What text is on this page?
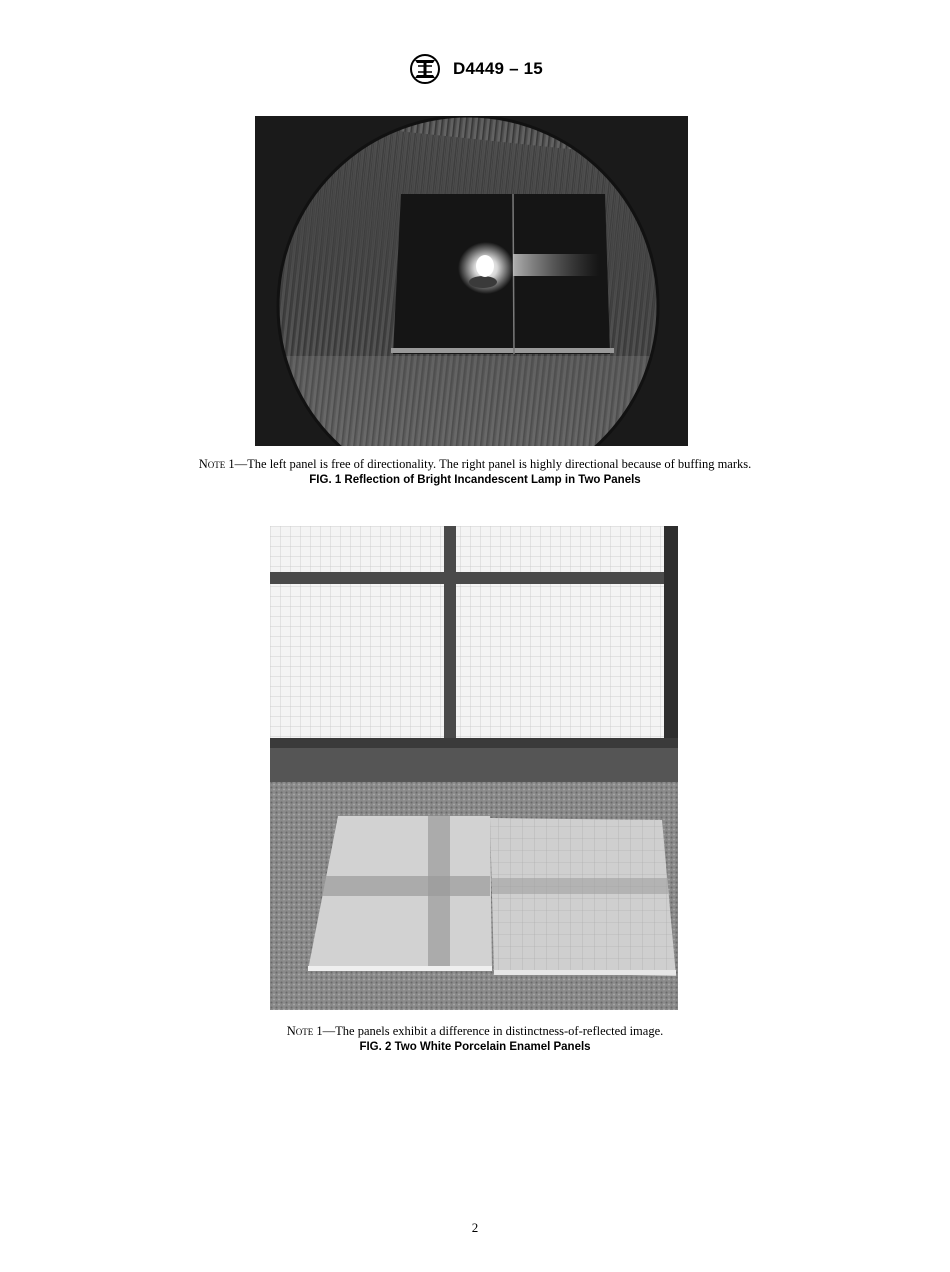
D4449 – 15
Note 1—The left panel is free of directionality. The right panel is highly directional because of buffing marks.
FIG. 1 Reflection of Bright Incandescent Lamp in Two Panels
Note 1—The panels exhibit a difference in distinctness-of-reflected image.
FIG. 2 Two White Porcelain Enamel Panels
2
